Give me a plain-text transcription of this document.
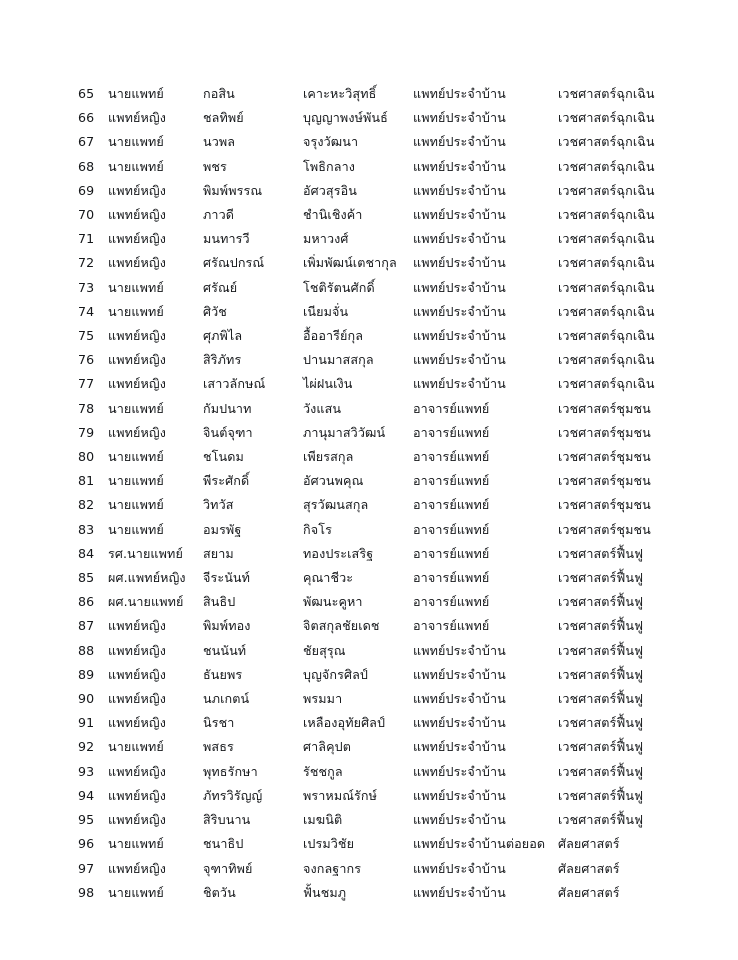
65	นายแพทย์	กอสิน	เคาะหะวิสุทธิ์	แพทย์ประจำบ้าน	เวชศาสตร์ฉุกเฉิน
66	แพทย์หญิง	ชลทิพย์	บุญญาพงษ์พันธ์	แพทย์ประจำบ้าน	เวชศาสตร์ฉุกเฉิน
67	นายแพทย์	นวพล	จรุงวัฒนา	แพทย์ประจำบ้าน	เวชศาสตร์ฉุกเฉิน
68	นายแพทย์	พชร	โพธิกลาง	แพทย์ประจำบ้าน	เวชศาสตร์ฉุกเฉิน
69	แพทย์หญิง	พิมพ์พรรณ	อัศวสุรอิน	แพทย์ประจำบ้าน	เวชศาสตร์ฉุกเฉิน
70	แพทย์หญิง	ภาวดี	ชำนิเชิงค้า	แพทย์ประจำบ้าน	เวชศาสตร์ฉุกเฉิน
71	แพทย์หญิง	มนทารวี	มหาวงศ์	แพทย์ประจำบ้าน	เวชศาสตร์ฉุกเฉิน
72	แพทย์หญิง	ศรัณปกรณ์	เพิ่มพัฒน์เตชากุล	แพทย์ประจำบ้าน	เวชศาสตร์ฉุกเฉิน
73	นายแพทย์	ศรัณย์	โชติรัตนศักดิ์	แพทย์ประจำบ้าน	เวชศาสตร์ฉุกเฉิน
74	นายแพทย์	ศิวัช	เนียมจั่น	แพทย์ประจำบ้าน	เวชศาสตร์ฉุกเฉิน
75	แพทย์หญิง	ศุภพิไล	อื้ออารีย์กุล	แพทย์ประจำบ้าน	เวชศาสตร์ฉุกเฉิน
76	แพทย์หญิง	สิริภัทร	ปานมาสสกุล	แพทย์ประจำบ้าน	เวชศาสตร์ฉุกเฉิน
77	แพทย์หญิง	เสาวลักษณ์	ไผ่ฝนเงิน	แพทย์ประจำบ้าน	เวชศาสตร์ฉุกเฉิน
78	นายแพทย์	กัมปนาท	วังแสน	อาจารย์แพทย์	เวชศาสตร์ชุมชน
79	แพทย์หญิง	จินต์จุฑา	ภานุมาสวิวัฒน์	อาจารย์แพทย์	เวชศาสตร์ชุมชน
80	นายแพทย์	ชโนดม	เพียรสกุล	อาจารย์แพทย์	เวชศาสตร์ชุมชน
81	นายแพทย์	พีระศักดิ์	อัศวนพคุณ	อาจารย์แพทย์	เวชศาสตร์ชุมชน
82	นายแพทย์	วิทวัส	สุรวัฒนสกุล	อาจารย์แพทย์	เวชศาสตร์ชุมชน
83	นายแพทย์	อมรพัฐ	กิจโร	อาจารย์แพทย์	เวชศาสตร์ชุมชน
84	รศ.นายแพทย์	สยาม	ทองประเสริฐ	อาจารย์แพทย์	เวชศาสตร์ฟื้นฟู
85	ผศ.แพทย์หญิง	จีระนันท์	คุณาชีวะ	อาจารย์แพทย์	เวชศาสตร์ฟื้นฟู
86	ผศ.นายแพทย์	สินธิป	พัฒนะคูหา	อาจารย์แพทย์	เวชศาสตร์ฟื้นฟู
87	แพทย์หญิง	พิมพ์ทอง	จิตสกุลชัยเดช	อาจารย์แพทย์	เวชศาสตร์ฟื้นฟู
88	แพทย์หญิง	ชนนันท์	ชัยสุรุณ	แพทย์ประจำบ้าน	เวชศาสตร์ฟื้นฟู
89	แพทย์หญิง	ธันยพร	บุญจักรศิลป์	แพทย์ประจำบ้าน	เวชศาสตร์ฟื้นฟู
90	แพทย์หญิง	นภเกตน์	พรมมา	แพทย์ประจำบ้าน	เวชศาสตร์ฟื้นฟู
91	แพทย์หญิง	นิรชา	เหลืองอุทัยศิลป์	แพทย์ประจำบ้าน	เวชศาสตร์ฟื้นฟู
92	นายแพทย์	พสธร	ศาลิคุปต	แพทย์ประจำบ้าน	เวชศาสตร์ฟื้นฟู
93	แพทย์หญิง	พุทธรักษา	รัชชกูล	แพทย์ประจำบ้าน	เวชศาสตร์ฟื้นฟู
94	แพทย์หญิง	ภัทรวิรัญญ์	พราหมณ์รักษ์	แพทย์ประจำบ้าน	เวชศาสตร์ฟื้นฟู
95	แพทย์หญิง	สิริบนาน	เมฆนิติ	แพทย์ประจำบ้าน	เวชศาสตร์ฟื้นฟู
96	นายแพทย์	ชนาธิป	เปรมวิชัย	แพทย์ประจำบ้านต่อยอด	ศัลยศาสตร์
97	แพทย์หญิง	จุฑาทิพย์	จงกลฐากร	แพทย์ประจำบ้าน	ศัลยศาสตร์
98	นายแพทย์	ชิตวัน	ฟั้นชมภู	แพทย์ประจำบ้าน	ศัลยศาสตร์
